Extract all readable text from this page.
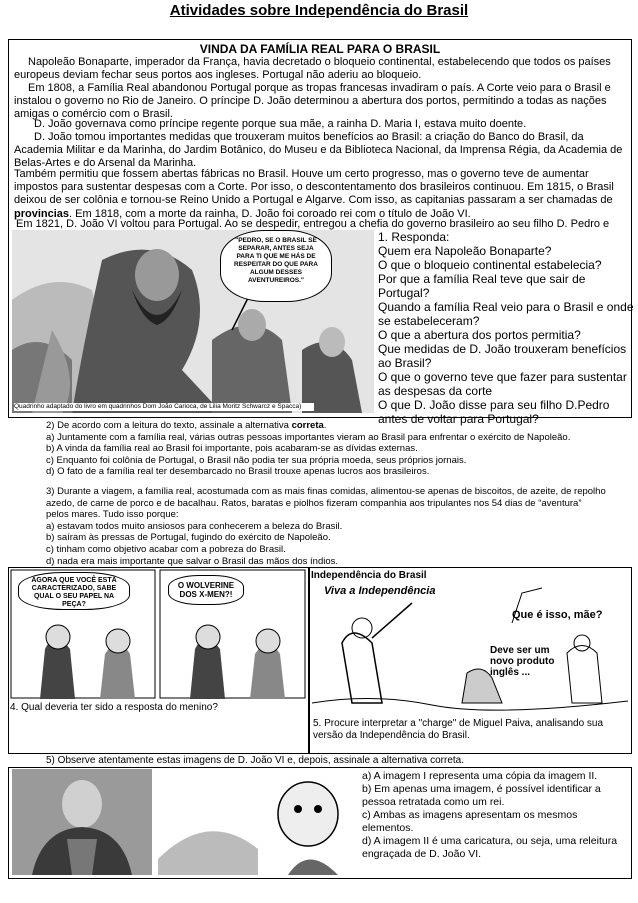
Atividades sobre Independência do Brasil
VINDA DA FAMÍLIA REAL PARA O BRASIL
Napoleão Bonaparte, imperador da França, havia decretado o bloqueio continental, estabelecendo que todos os países europeus deviam fechar seus portos aos ingleses. Portugal não aderiu ao bloqueio.
Em 1808, a Família Real abandonou Portugal porque as tropas francesas invadiram o país. A Corte veio para o Brasil e instalou o governo no Rio de Janeiro. O príncipe D. João determinou a abertura dos portos, permitindo a todas as nações amigas o comércio com o Brasil.
D. João governava como príncipe regente porque sua mãe, a rainha D. Maria I, estava muito doente.
D. João tomou importantes medidas que trouxeram muitos benefícios ao Brasil: a criação do Banco do Brasil, da Academia Militar e da Marinha, do Jardim Botânico, do Museu e da Biblioteca Nacional, da Imprensa Régia, da Academia de Belas-Artes e do Arsenal da Marinha.
Também permitiu que fossem abertas fábricas no Brasil. Houve um certo progresso, mas o governo teve de aumentar impostos para sustentar despesas com a Corte. Por isso, o descontentamento dos brasileiros continuou. Em 1815, o Brasil deixou de ser colônia e tornou-se Reino Unido a Portugal e Algarve. Com isso, as capitanias passaram a ser chamadas de provincias. Em 1818, com a morte da rainha, D. João foi coroado rei com o título de João VI.
Em 1821, D. João VI voltou para Portugal. Ao se despedir, entregou a chefia do governo brasileiro ao seu filho D. Pedro e
"PEDRO, SE O BRASIL SE SEPARAR, ANTES SEJA PARA TI QUE ME HÁS DE RESPEITAR DO QUE PARA ALGUM DESSES AVENTUREIROS."
Quadrinho adaptado do livro em quadrinhos Dom João Carioca, de Lilia Moritz Schwarcz e Spacca)
1. Responda:
Quem era Napoleão Bonaparte?
O que o bloqueio continental estabelecia?
Por que a família Real teve que sair de Portugal?
Quando a família Real veio para o Brasil e onde se estabeleceram?
O que a abertura dos portos permitia?
Que medidas de D. João trouxeram benefícios ao Brasil?
O que o governo teve que fazer para sustentar as despesas da corte
O que D. João disse para seu filho D.Pedro antes de voltar para Portugal?
2) De acordo com a leitura do texto, assinale a alternativa correta.
a) Juntamente com a família real, várias outras pessoas importantes vieram ao Brasil para enfrentar o exército de Napoleão.
b) A vinda da família real ao Brasil foi importante, pois acabaram-se as dívidas externas.
c) Enquanto foi colônia de Portugal, o Brasil não podia ter sua própria moeda, seus próprios jornais.
d) O fato de a família real ter desembarcado no Brasil trouxe apenas lucros aos brasileiros.
3) Durante a viagem, a família real, acostumada com as mais finas comidas, alimentou-se apenas de biscoitos, de azeite, de repolho azedo, de carne de porco e de bacalhau. Ratos, baratas e piolhos fizeram companhia aos tripulantes nos 54 dias de “aventura” pelos mares. Tudo isso porque:
a) estavam todos muito ansiosos para conhecerem a beleza do Brasil.
b) saíram às pressas de Portugal, fugindo do exército de Napoleão.
c) tinham como objetivo acabar com a pobreza do Brasil.
d) nada era mais importante que salvar o Brasil das mãos dos índios.
AGORA QUE VOCÊ ESTÁ CARACTERIZADO, SABE QUAL O SEU PAPEL NA PEÇA?
O WOLVERINE DOS X-MEN?!
4. Qual deveria ter sido a resposta do menino?
Independência do Brasil
Viva a Independência
Que é isso, mãe?
Deve ser um novo produto inglês ...
5. Procure interpretar a "charge" de Miguel Paiva, analisando sua versão da Independência do Brasil.
5) Observe atentamente estas imagens de D. João VI e, depois, assinale a alternativa correta.
a) A imagem I representa uma cópia da imagem II.
b) Em apenas uma imagem, é possível identificar a pessoa retratada como um rei.
c) Ambas as imagens apresentam os mesmos elementos.
d) A imagem II é uma caricatura, ou seja, uma releitura engraçada de D. João VI.
